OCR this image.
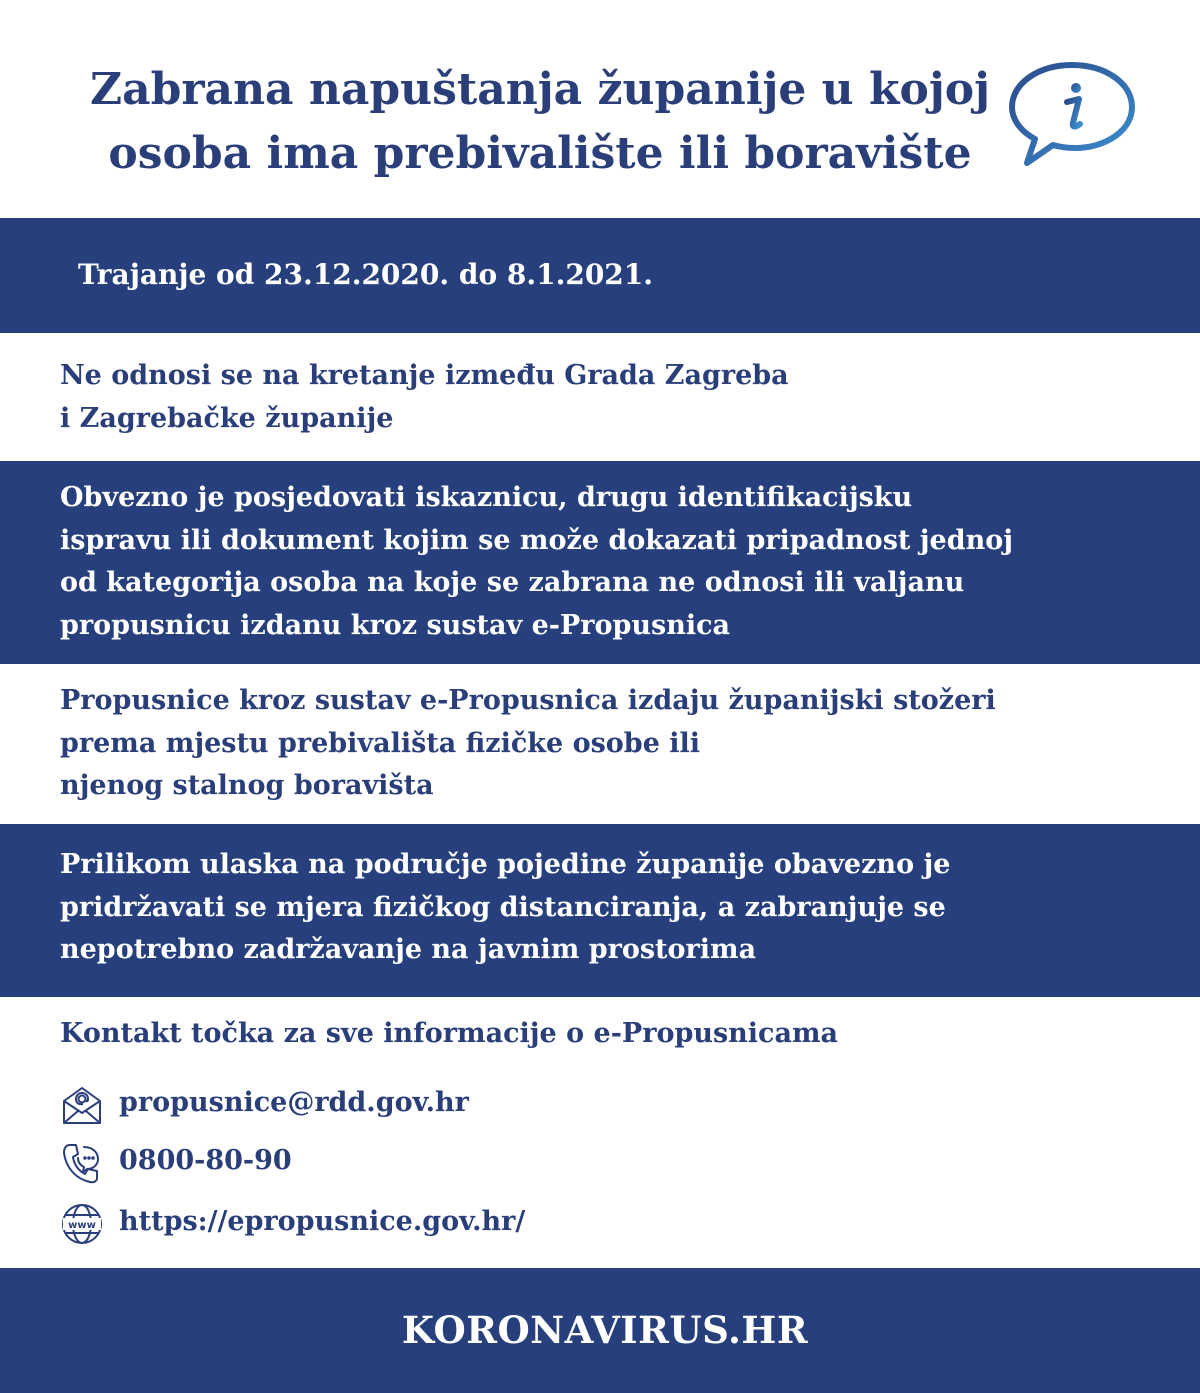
Zabrana napuštanja županije u kojoj
osoba ima prebivalište ili boravište

Trajanje od 23.12.2020. do 8.1.2021.

Ne odnosi se na kretanje između Grada Zagreba
i Zagrebačke županije

Obvezno je posjedovati iskaznicu, drugu identifikacijsku
ispravu ili dokument kojim se može dokazati pripadnost jednoj
od kategorija osoba na koje se zabrana ne odnosi ili valjanu
propusnicu izdanu kroz sustav e-Propusnica

Propusnice kroz sustav e-Propusnica izdaju županijski stožeri
prema mjestu prebivališta fizičke osobe ili
njenog stalnog boravišta

Prilikom ulaska na područje pojedine županije obavezno je
pridržavati se mjera fizičkog distanciranja, a zabranjuje se
nepotrebno zadržavanje na javnim prostorima

Kontakt točka za sve informacije o e-Propusnicama
propusnice@rdd.gov.hr
0800-80-90
www https://epropusnice.gov.hr/
KORONAVIRUS.HR
